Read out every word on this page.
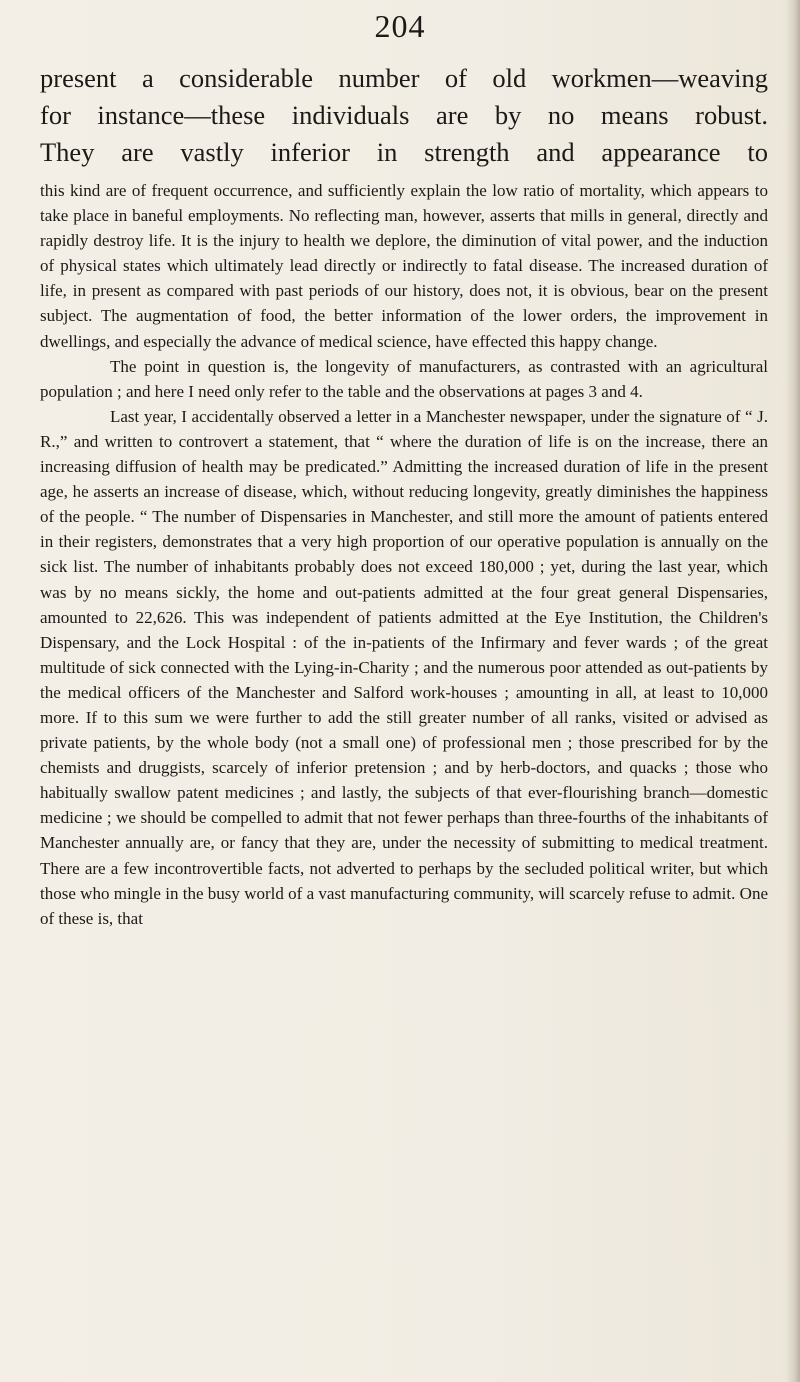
204
present a considerable number of old workmen—weaving
for instance—these individuals are by no means robust.
They are vastly inferior in strength and appearance to

this kind are of frequent occurrence, and sufficiently explain the low ratio of mortality, which appears to take place in baneful employments. No reflecting man, however, asserts that mills in general, directly and rapidly destroy life. It is the injury to health we deplore, the diminution of vital power, and the induction of physical states which ultimately lead directly or indirectly to fatal disease. The increased duration of life, in present as compared with past periods of our history, does not, it is obvious, bear on the present subject. The augmentation of food, the better information of the lower orders, the improvement in dwellings, and especially the advance of medical science, have effected this happy change.

The point in question is, the longevity of manufacturers, as contrasted with an agricultural population ; and here I need only refer to the table and the observations at pages 3 and 4.

Last year, I accidentally observed a letter in a Manchester newspaper, under the signature of “ J. R.,” and written to controvert a statement, that “ where the duration of life is on the increase, there an increasing diffusion of health may be predicated.” Admitting the increased duration of life in the present age, he asserts an increase of disease, which, without reducing longevity, greatly diminishes the happiness of the people. “ The number of Dispensaries in Manchester, and still more the amount of patients entered in their registers, demonstrates that a very high proportion of our operative population is annually on the sick list. The number of inhabitants probably does not exceed 180,000 ; yet, during the last year, which was by no means sickly, the home and out-patients admitted at the four great general Dispensaries, amounted to 22,626. This was independent of patients admitted at the Eye Institution, the Children's Dispensary, and the Lock Hospital : of the in-patients of the Infirmary and fever wards ; of the great multitude of sick connected with the Lying-in-Charity ; and the numerous poor attended as out-patients by the medical officers of the Manchester and Salford work-houses ; amounting in all, at least to 10,000 more. If to this sum we were further to add the still greater number of all ranks, visited or advised as private patients, by the whole body (not a small one) of professional men ; those prescribed for by the chemists and druggists, scarcely of inferior pretension ; and by herb-doctors, and quacks ; those who habitually swallow patent medicines ; and lastly, the subjects of that ever-flourishing branch—domestic medicine ; we should be compelled to admit that not fewer perhaps than three-fourths of the inhabitants of Manchester annually are, or fancy that they are, under the necessity of submitting to medical treatment. There are a few incontrovertible facts, not adverted to perhaps by the secluded political writer, but which those who mingle in the busy world of a vast manufacturing community, will scarcely refuse to admit. One of these is, that
